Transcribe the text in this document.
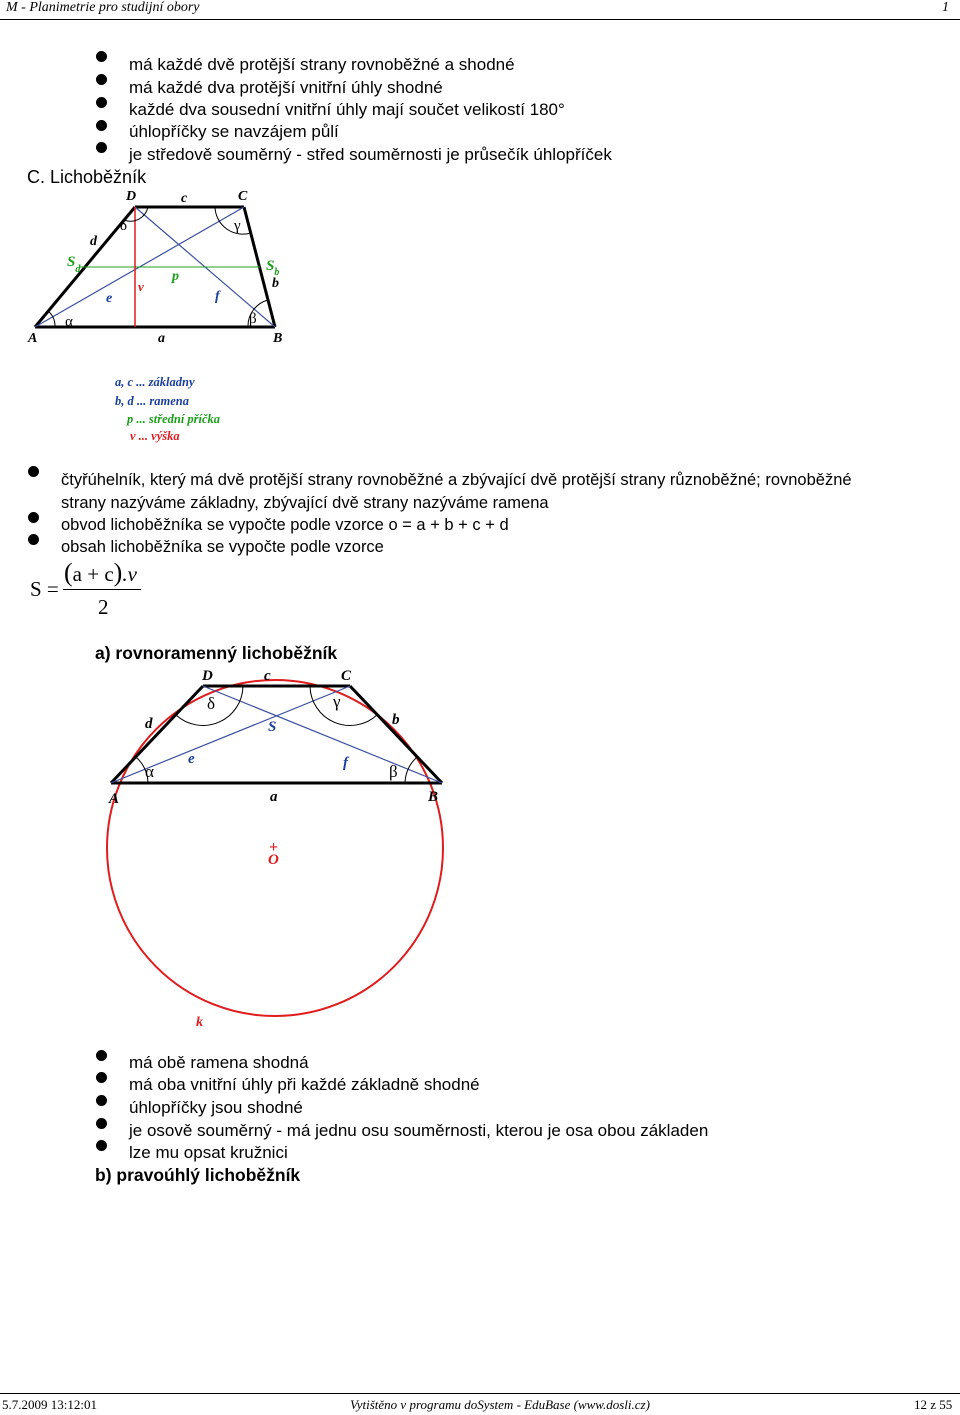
M - Planimetrie pro studijní obory	1
má každé dvě protější strany rovnoběžné a shodné
má každé dva protější vnitřní úhly shodné
každé dva sousední vnitřní úhly mají součet velikostí 180°
úhlopříčky se navzájem půlí
je středově souměrný - střed souměrnosti je průsečík úhlopříček
C. Lichoběžník
D	c	C
δ	γ
d
$S_d$	$S_b$
p	b
v
e	f
α	β
A	a	B
a, c ... základny
b, d ... ramena
p ... střední příčka
v ... výška
čtyřúhelník, který má dvě protější strany rovnoběžné a zbývající dvě protější strany různoběžné; rovnoběžné
strany nazýváme základny, zbývající dvě strany nazýváme ramena
obvod lichoběžníka se vypočte podle vzorce o = a + b + c + d
obsah lichoběžníka se vypočte podle vzorce
S =
(a + c).v
2
a) rovnoramenný lichoběžník
D	c	C
δ	γ
d	b
S
e	f
α	β
A	a	B
+
O
k
má obě ramena shodná
má oba vnitřní úhly při každé základně shodné
úhlopříčky jsou shodné
je osově souměrný - má jednu osu souměrnosti, kterou je osa obou základen
lze mu opsat kružnici
b) pravoúhlý lichoběžník
5.7.2009 13:12:01	Vytištěno v programu doSystem - EduBase (www.dosli.cz)	12 z 55
